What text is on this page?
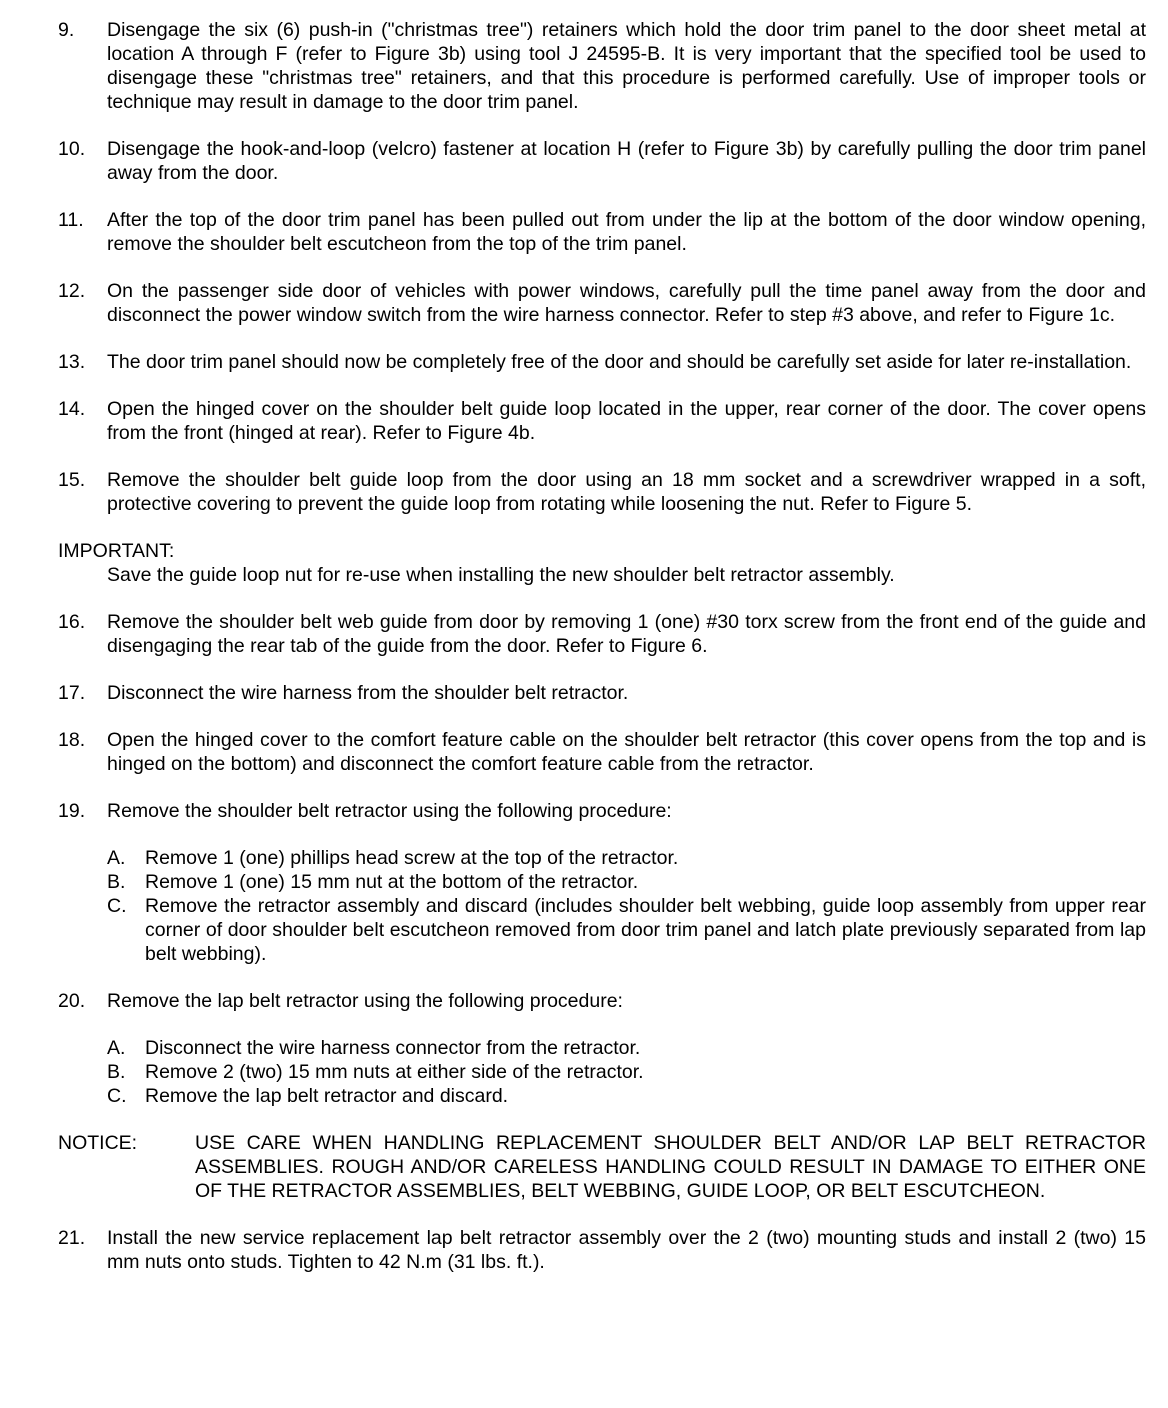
9.	Disengage the six (6) push-in ("christmas tree") retainers which hold the door trim panel to the door sheet metal at location A through F (refer to Figure 3b) using tool J 24595-B. It is very important that the specified tool be used to disengage these "christmas tree" retainers, and that this procedure is performed carefully. Use of improper tools or technique may result in damage to the door trim panel.
10.	Disengage the hook-and-loop (velcro) fastener at location H (refer to Figure 3b) by carefully pulling the door trim panel away from the door.
11.	After the top of the door trim panel has been pulled out from under the lip at the bottom of the door window opening, remove the shoulder belt escutcheon from the top of the trim panel.
12.	On the passenger side door of vehicles with power windows, carefully pull the time panel away from the door and disconnect the power window switch from the wire harness connector. Refer to step #3 above, and refer to Figure 1c.
13.	The door trim panel should now be completely free of the door and should be carefully set aside for later re-installation.
14.	Open the hinged cover on the shoulder belt guide loop located in the upper, rear corner of the door. The cover opens from the front (hinged at rear). Refer to Figure 4b.
15.	Remove the shoulder belt guide loop from the door using an 18 mm socket and a screwdriver wrapped in a soft, protective covering to prevent the guide loop from rotating while loosening the nut. Refer to Figure 5.
IMPORTANT:
Save the guide loop nut for re-use when installing the new shoulder belt retractor assembly.
16.	Remove the shoulder belt web guide from door by removing 1 (one) #30 torx screw from the front end of the guide and disengaging the rear tab of the guide from the door. Refer to Figure 6.
17.	Disconnect the wire harness from the shoulder belt retractor.
18.	Open the hinged cover to the comfort feature cable on the shoulder belt retractor (this cover opens from the top and is hinged on the bottom) and disconnect the comfort feature cable from the retractor.
19.	Remove the shoulder belt retractor using the following procedure:
A.	Remove 1 (one) phillips head screw at the top of the retractor.
B.	Remove 1 (one) 15 mm nut at the bottom of the retractor.
C. Remove the retractor assembly and discard (includes shoulder belt webbing, guide loop assembly from upper rear corner of door shoulder belt escutcheon removed from door trim panel and latch plate previously separated from lap belt webbing).
20.	Remove the lap belt retractor using the following procedure:
A.	Disconnect the wire harness connector from the retractor.
B.	Remove 2 (two) 15 mm nuts at either side of the retractor.
C. Remove the lap belt retractor and discard.
NOTICE:	USE CARE WHEN HANDLING REPLACEMENT SHOULDER BELT AND/OR LAP BELT RETRACTOR ASSEMBLIES. ROUGH AND/OR CARELESS HANDLING COULD RESULT IN DAMAGE TO EITHER ONE OF THE RETRACTOR ASSEMBLIES, BELT WEBBING, GUIDE LOOP, OR BELT ESCUTCHEON.
21.	Install the new service replacement lap belt retractor assembly over the 2 (two) mounting studs and install 2 (two) 15 mm nuts onto studs. Tighten to 42 N.m (31 lbs. ft.).
